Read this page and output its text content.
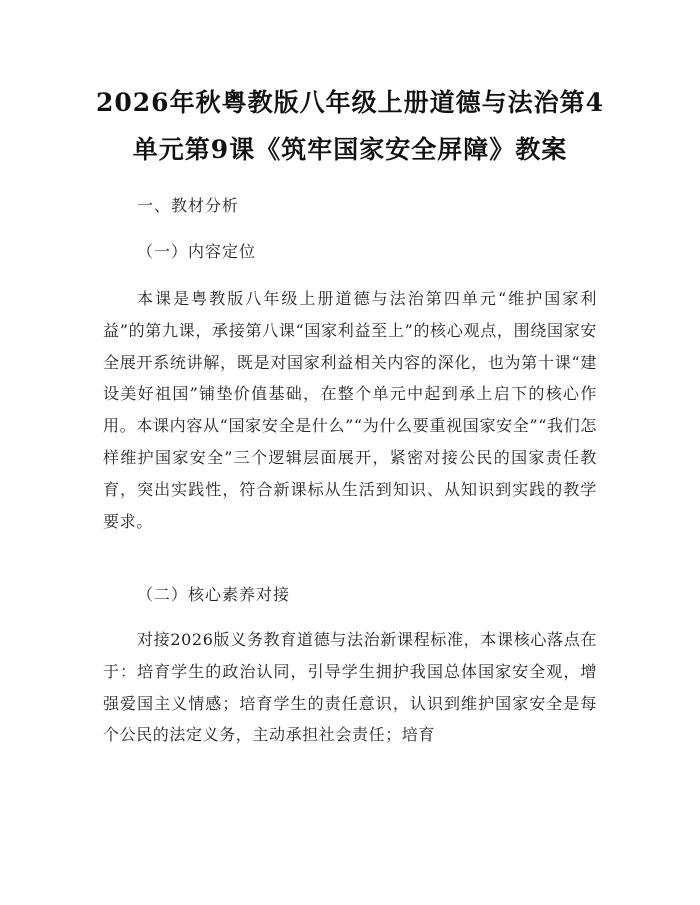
2026年秋粤教版八年级上册道德与法治第4
单元第9课《筑牢国家安全屏障》教案
一、教材分析
（一）内容定位
本课是粤教版八年级上册道德与法治第四单元“维护国家利益”的第九课，承接第八课“国家利益至上”的核心观点，围绕国家安全展开系统讲解，既是对国家利益相关内容的深化，也为第十课“建设美好祖国”铺垫价值基础，在整个单元中起到承上启下的核心作用。本课内容从“国家安全是什么”“为什么要重视国家安全”“我们怎样维护国家安全”三个逻辑层面展开，紧密对接公民的国家责任教育，突出实践性，符合新课标从生活到知识、从知识到实践的教学要求。
（二）核心素养对接
对接2026版义务教育道德与法治新课程标准，本课核心落点在于：培育学生的政治认同，引导学生拥护我国总体国家安全观，增强爱国主义情感；培育学生的责任意识，认识到维护国家安全是每个公民的法定义务，主动承担社会责任；培育
